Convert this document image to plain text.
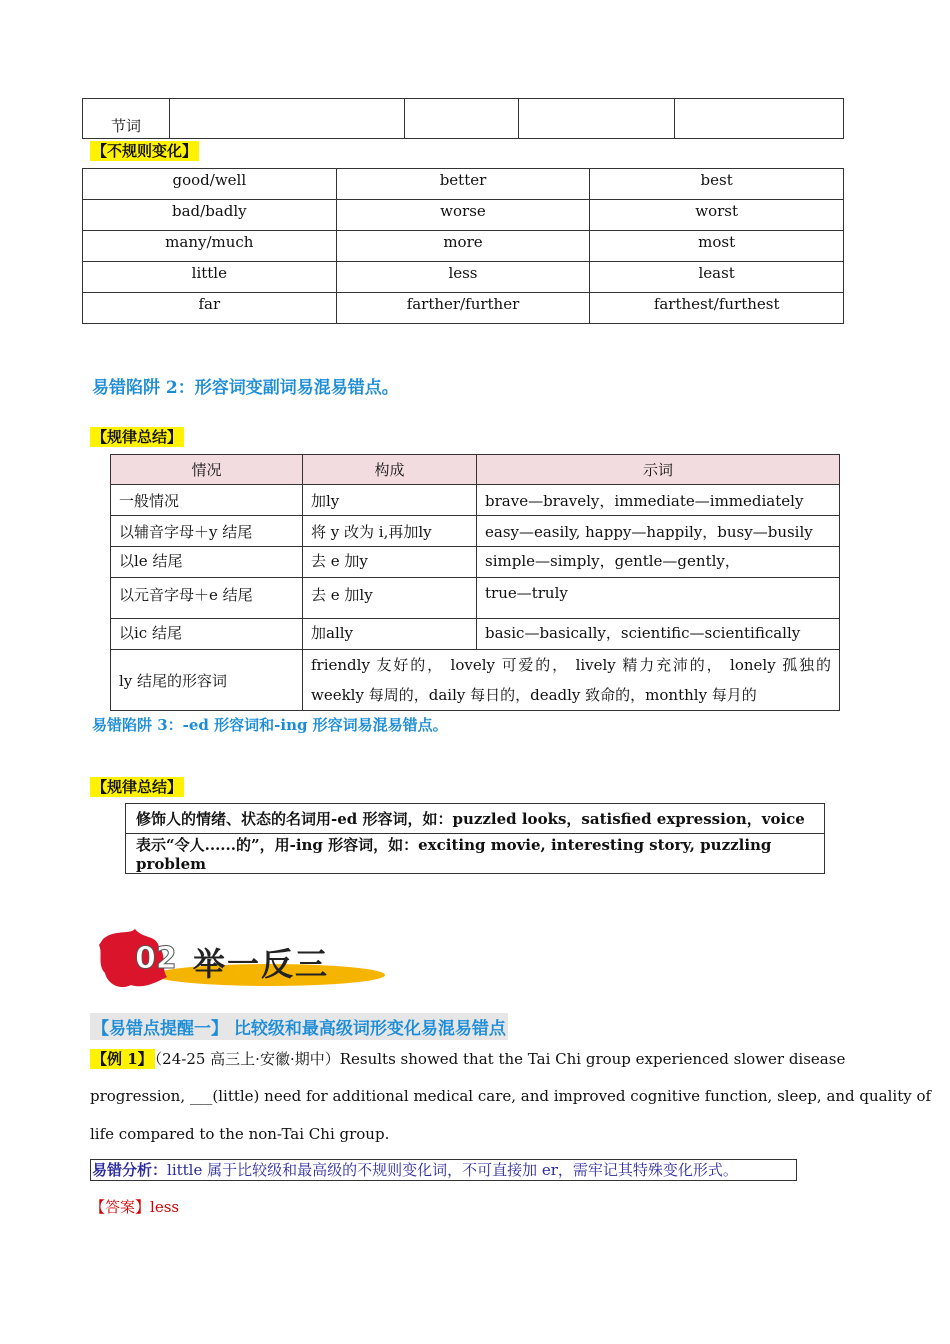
节词				
【不规则变化】
good/well	better	best
bad/badly	worse	worst
many/much	more	most
little	less	least
far	farther/further	farthest/furthest
易错陷阱 2：形容词变副词易混易错点。
【规律总结】
情况	构成	示词
一般情况	加ly	brave—bravely，immediate—immediately
以辅音字母＋y 结尾	将 y 改为 i,再加ly	easy—easily, happy—happily，busy—busily
以le 结尾	去 e 加y	simple—simply，gentle—gently，
以元音字母＋e 结尾	去 e 加ly	true—truly
以ic 结尾	加ally	basic—basically，scientific—scientifically
ly 结尾的形容词	friendly 友好的， lovely 可爱的， lively 精力充沛的， lonely 孤独的
weekly 每周的，daily 每日的，deadly 致命的，monthly 每月的	
易错陷阱 3：-ed 形容词和-ing 形容词易混易错点。
【规律总结】
修饰人的情绪、状态的名词用-ed 形容词，如：puzzled looks，satisfied expression，voice
表示“令人......的”，用-ing 形容词，如：exciting movie, interesting story, puzzling problem
02 举一反三
【易错点提醒一】 比较级和最高级词形变化易混易错点
【例 1】 （24-25 高三上·安徽·期中）Results showed that the Tai Chi group experienced slower disease
progression, ___(little) need for additional medical care, and improved cognitive function, sleep, and quality of
life compared to the non-Tai Chi group.
易错分析：little 属于比较级和最高级的不规则变化词，不可直接加 er，需牢记其特殊变化形式。
【答案】less
